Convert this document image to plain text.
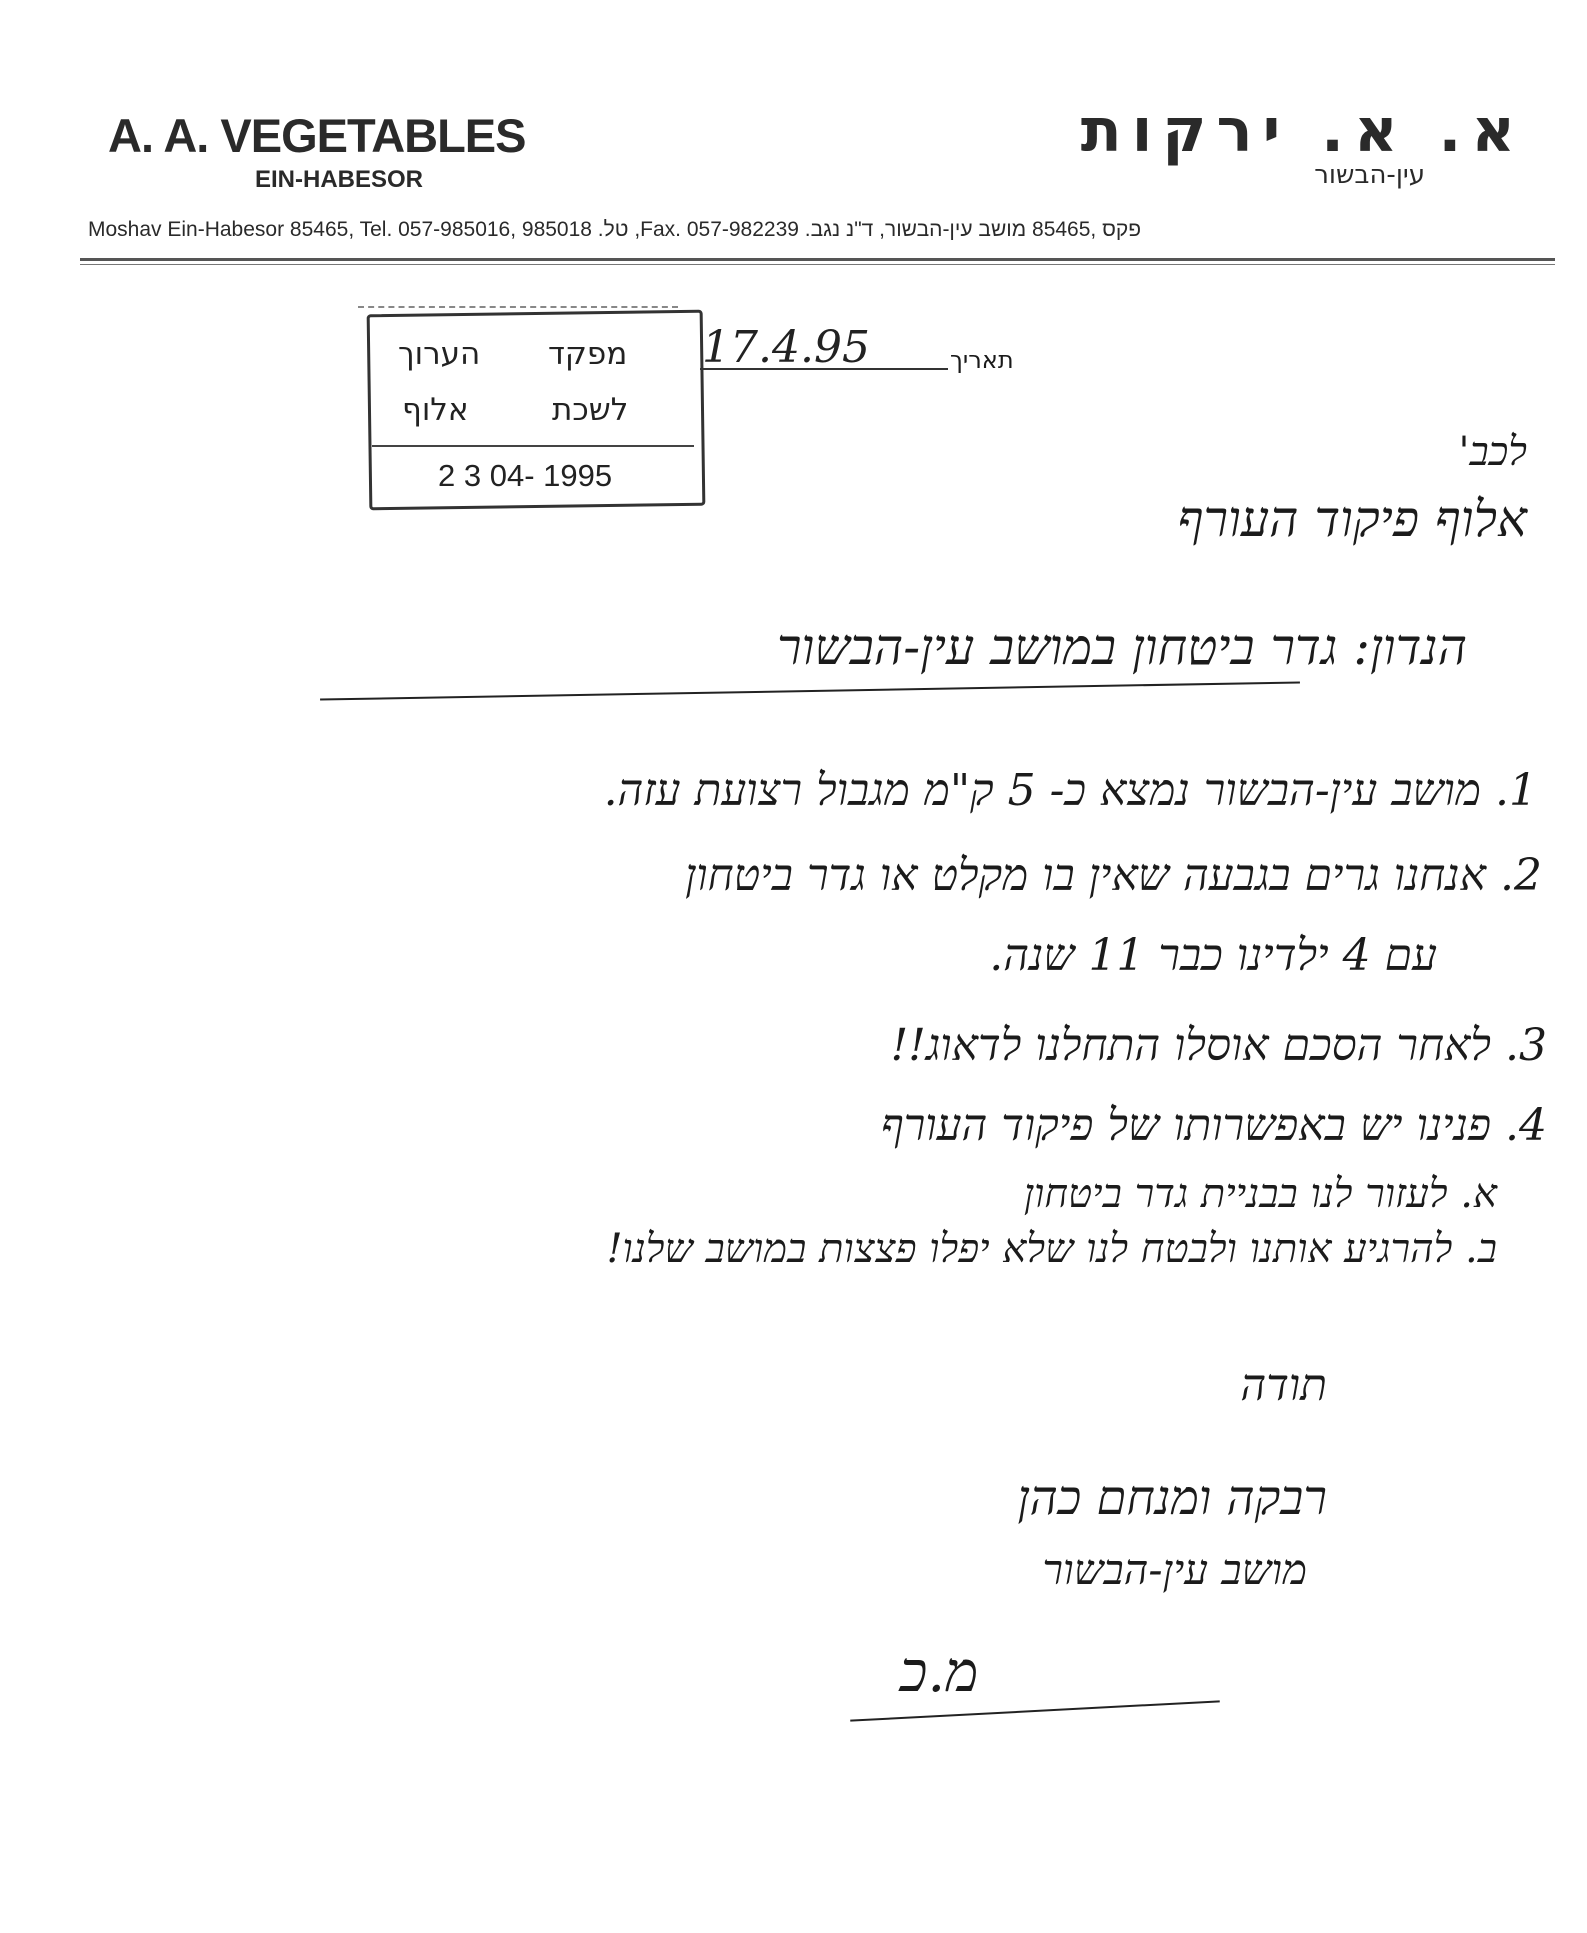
A. A. VEGETABLES
EIN-HABESOR
א. א. ירקות
עין-הבשור
Moshav Ein-Habesor 85465, Tel. 057-985016, 985018 .טל ,Fax. 057-982239 .פקס ,85465 מושב עין-הבשור, ד"נ נגב
מפקד
הערוך
לשכת
אלוף
2 3 04- 1995
17.4.95	תאריך
לכב'
אלוף פיקוד העורף
הנדון: גדר ביטחון במושב עין-הבשור
1. מושב עין-הבשור נמצא כ- 5 ק"מ מגבול רצועת עזה.
2. אנחנו גרים בגבעה שאין בו מקלט או גדר ביטחון
עם 4 ילדינו כבר 11 שנה.
3. לאחר הסכם אוסלו התחלנו לדאוג!!
4. פנינו יש באפשרותו של פיקוד העורף
א. לעזור לנו בבניית גדר ביטחון
ב. להרגיע אותנו ולבטח לנו שלא יפלו פצצות במושב שלנו!
תודה
רבקה ומנחם כהן
מושב עין-הבשור
מ.כ
